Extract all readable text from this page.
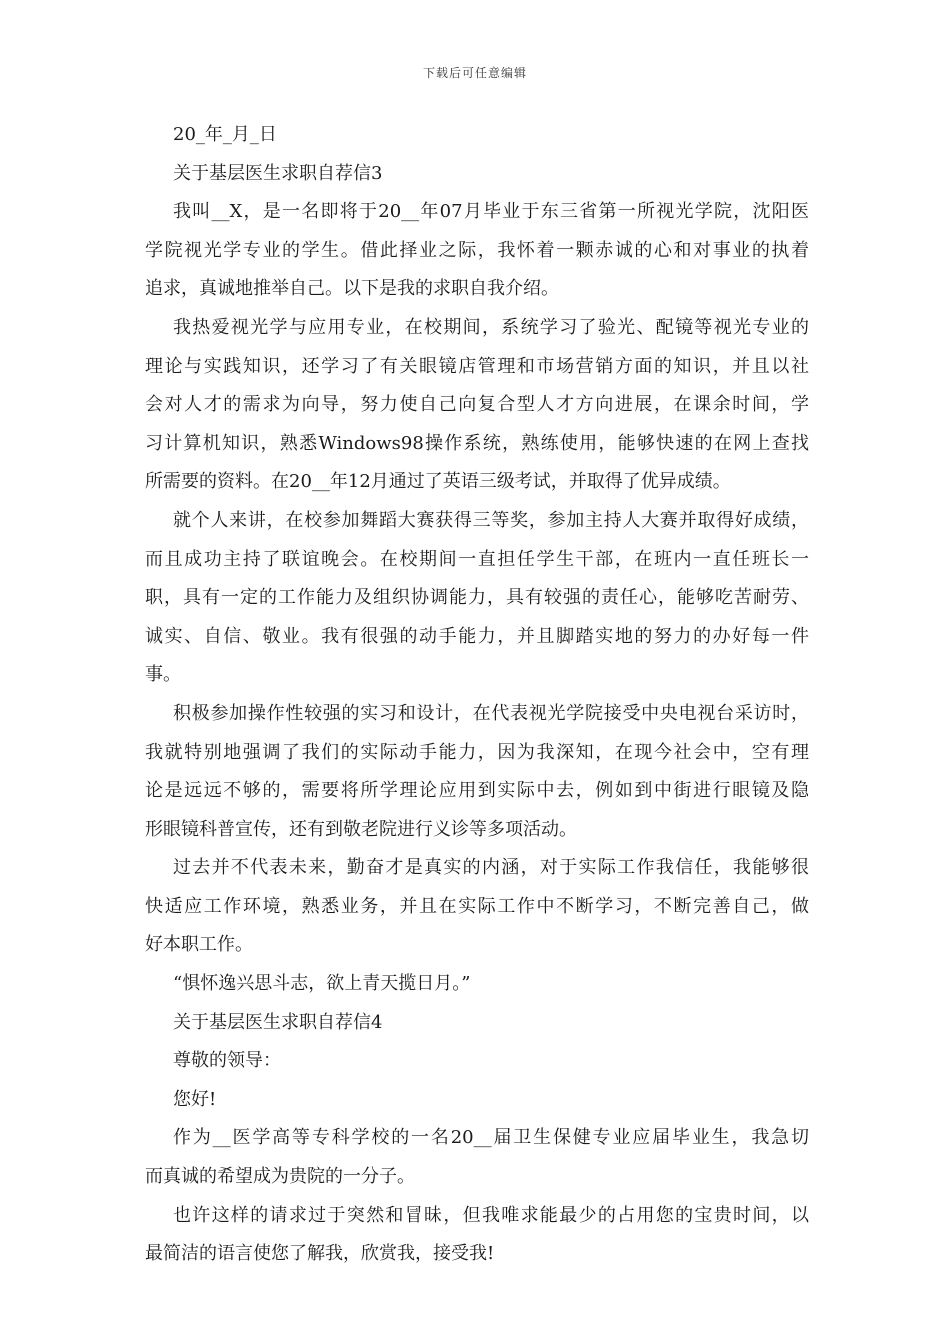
下载后可任意编辑

20_年_月_日

关于基层医生求职自荐信3

我叫__X，是一名即将于20__年07月毕业于东三省第一所视光学院，沈阳医

学院视光学专业的学生。借此择业之际，我怀着一颗赤诚的心和对事业的执着

追求，真诚地推举自己。以下是我的求职自我介绍。

我热爱视光学与应用专业，在校期间，系统学习了验光、配镜等视光专业的

理论与实践知识，还学习了有关眼镜店管理和市场营销方面的知识，并且以社

会对人才的需求为向导，努力使自己向复合型人才方向进展，在课余时间，学

习计算机知识，熟悉Windows98操作系统，熟练使用，能够快速的在网上查找

所需要的资料。在20__年12月通过了英语三级考试，并取得了优异成绩。

就个人来讲，在校参加舞蹈大赛获得三等奖，参加主持人大赛并取得好成绩，

而且成功主持了联谊晚会。在校期间一直担任学生干部，在班内一直任班长一

职，具有一定的工作能力及组织协调能力，具有较强的责任心，能够吃苦耐劳、

诚实、自信、敬业。我有很强的动手能力，并且脚踏实地的努力的办好每一件

事。

积极参加操作性较强的实习和设计，在代表视光学院接受中央电视台采访时，

我就特别地强调了我们的实际动手能力，因为我深知，在现今社会中，空有理

论是远远不够的，需要将所学理论应用到实际中去，例如到中街进行眼镜及隐

形眼镜科普宣传，还有到敬老院进行义诊等多项活动。

过去并不代表未来，勤奋才是真实的内涵，对于实际工作我信任，我能够很

快适应工作环境，熟悉业务，并且在实际工作中不断学习，不断完善自己，做

好本职工作。

“惧怀逸兴思斗志，欲上青天揽日月。”

关于基层医生求职自荐信4

尊敬的领导：

您好!

作为__医学高等专科学校的一名20__届卫生保健专业应届毕业生，我急切

而真诚的希望成为贵院的一分子。

也许这样的请求过于突然和冒昧，但我唯求能最少的占用您的宝贵时间，以

最简洁的语言使您了解我，欣赏我，接受我!
